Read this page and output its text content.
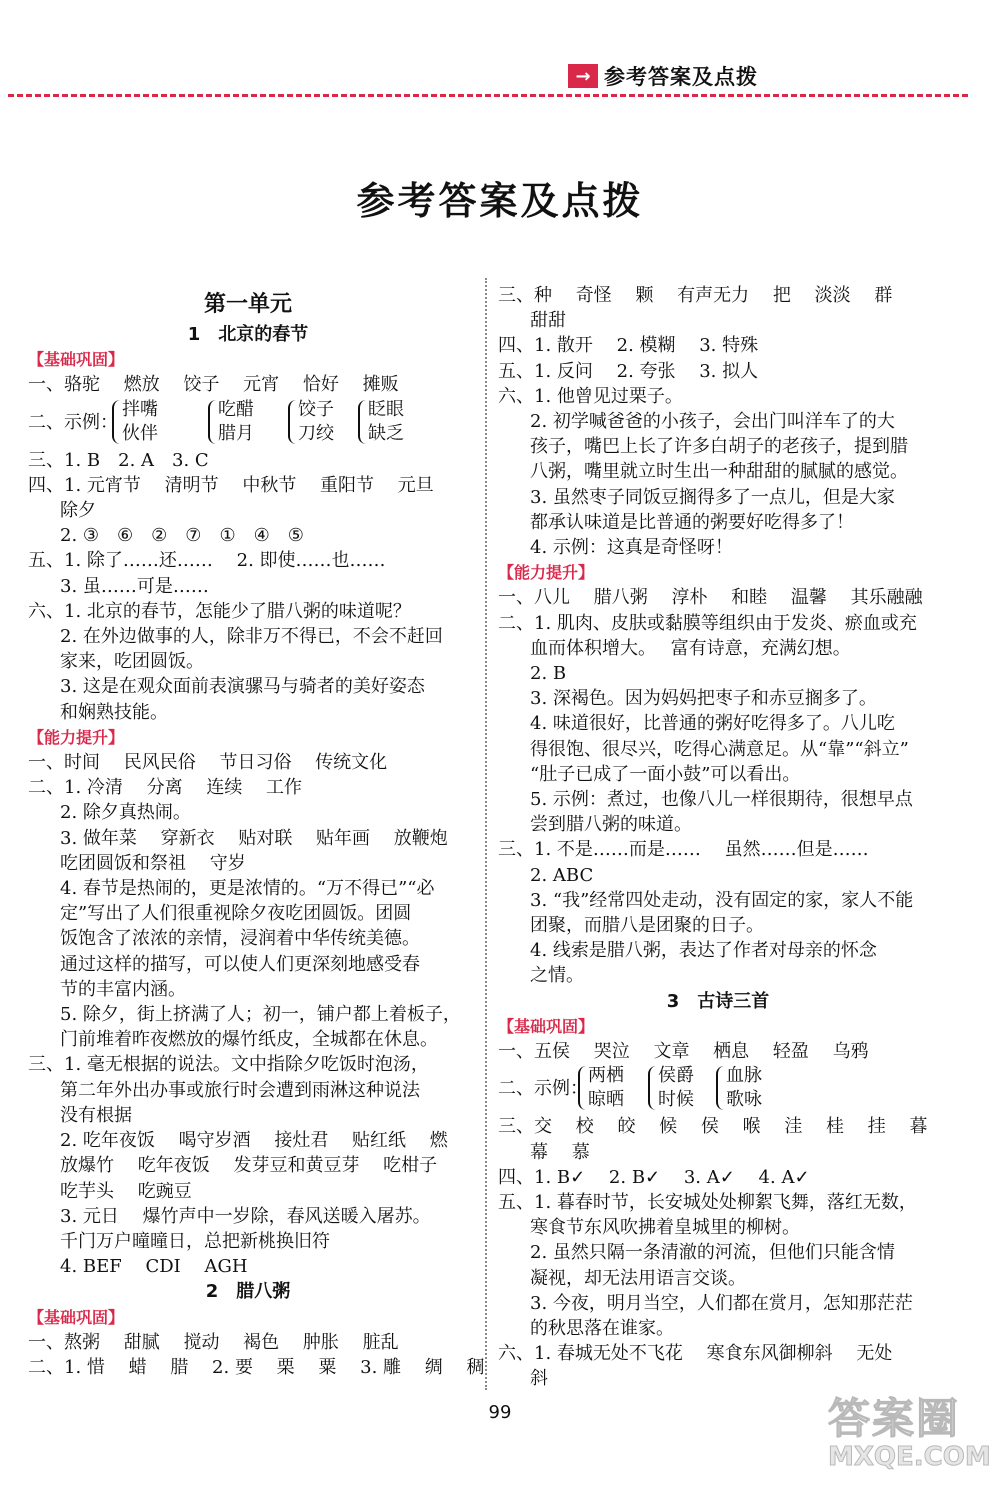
→ 参考答案及点拨
参考答案及点拨
第一单元
1　北京的春节
【基础巩固】
一、骆驼　 燃放　 饺子　 元宵　 恰好　 摊贩
二、示例：
拌嘴
伙伴
吃醋
腊月
饺子
刀绞
眨眼
缺乏
三、1. B　2. A　3. C
四、1. 元宵节　 清明节　 中秋节　 重阳节　 元旦
除夕
2. ③　⑥　②　⑦　①　④　⑤
五、1. 除了……还……　 2. 即使……也……
3. 虽……可是……
六、1. 北京的春节，怎能少了腊八粥的味道呢？
2. 在外边做事的人，除非万不得已，不会不赶回
家来，吃团圆饭。
3. 这是在观众面前表演骡马与骑者的美好姿态
和娴熟技能。
【能力提升】
一、时间　 民风民俗　 节日习俗　 传统文化
二、1. 冷清　 分离　 连续　 工作
2. 除夕真热闹。
3. 做年菜　 穿新衣　 贴对联　 贴年画　 放鞭炮
吃团圆饭和祭祖　 守岁
4. 春节是热闹的，更是浓情的。“万不得已”“必
定”写出了人们很重视除夕夜吃团圆饭。团圆
饭饱含了浓浓的亲情，浸润着中华传统美德。
通过这样的描写，可以使人们更深刻地感受春
节的丰富内涵。
5. 除夕，街上挤满了人；初一，铺户都上着板子，
门前堆着昨夜燃放的爆竹纸皮，全城都在休息。
三、1. 毫无根据的说法。文中指除夕吃饭时泡汤，
第二年外出办事或旅行时会遭到雨淋这种说法
没有根据
2. 吃年夜饭　 喝守岁酒　 接灶君　 贴红纸　 燃
放爆竹　 吃年夜饭　 发芽豆和黄豆芽　 吃柑子
吃芋头　 吃豌豆
3. 元日　 爆竹声中一岁除，春风送暖入屠苏。
千门万户曈曈日，总把新桃换旧符
4. BEF　 CDI　 AGH
2　腊八粥
【基础巩固】
一、熬粥　 甜腻　 搅动　 褐色　 肿胀　 脏乱
二、1. 惜　 蜡　 腊　 2. 要　 栗　 粟　 3. 雕　 绸　 稠
三、种　 奇怪　 颗　 有声无力　 把　 淡淡　 群
甜甜
四、1. 散开　 2. 模糊　 3. 特殊
五、1. 反问　 2. 夸张　 3. 拟人
六、1. 他曾见过栗子。
2. 初学喊爸爸的小孩子，会出门叫洋车了的大
孩子，嘴巴上长了许多白胡子的老孩子，提到腊
八粥，嘴里就立时生出一种甜甜的腻腻的感觉。
3. 虽然枣子同饭豆搁得多了一点儿，但是大家
都承认味道是比普通的粥要好吃得多了！
4. 示例：这真是奇怪呀！
【能力提升】
一、八儿　 腊八粥　 淳朴　 和睦　 温馨　 其乐融融
二、1. 肌肉、皮肤或黏膜等组织由于发炎、瘀血或充
血而体积增大。　 富有诗意，充满幻想。
2. B
3. 深褐色。因为妈妈把枣子和赤豆搁多了。
4. 味道很好，比普通的粥好吃得多了。八儿吃
得很饱、很尽兴，吃得心满意足。从“靠”“斜立”
“肚子已成了一面小鼓”可以看出。
5. 示例：煮过，也像八儿一样很期待，很想早点
尝到腊八粥的味道。
三、1. 不是……而是……　 虽然……但是……
2. ABC
3. “我”经常四处走动，没有固定的家，家人不能
团聚，而腊八是团聚的日子。
4. 线索是腊八粥，表达了作者对母亲的怀念
之情。
3　古诗三首
【基础巩固】
一、五侯　 哭泣　 文章　 栖息　 轻盈　 乌鸦
二、示例：
两栖
晾晒
侯爵
时候
血脉
歌咏
三、交　 校　 皎　 候　 侯　 喉　 洼　 桂　 挂　 暮
幕　 慕
四、1. B✓　 2. B✓　 3. A✓　 4. A✓
五、1. 暮春时节，长安城处处柳絮飞舞，落红无数，
寒食节东风吹拂着皇城里的柳树。
2. 虽然只隔一条清澈的河流，但他们只能含情
凝视，却无法用语言交谈。
3. 今夜，明月当空，人们都在赏月，怎知那茫茫
的秋思落在谁家。
六、1. 春城无处不飞花　 寒食东风御柳斜　 无处
斜
99	答案圈
MXQE.COM
